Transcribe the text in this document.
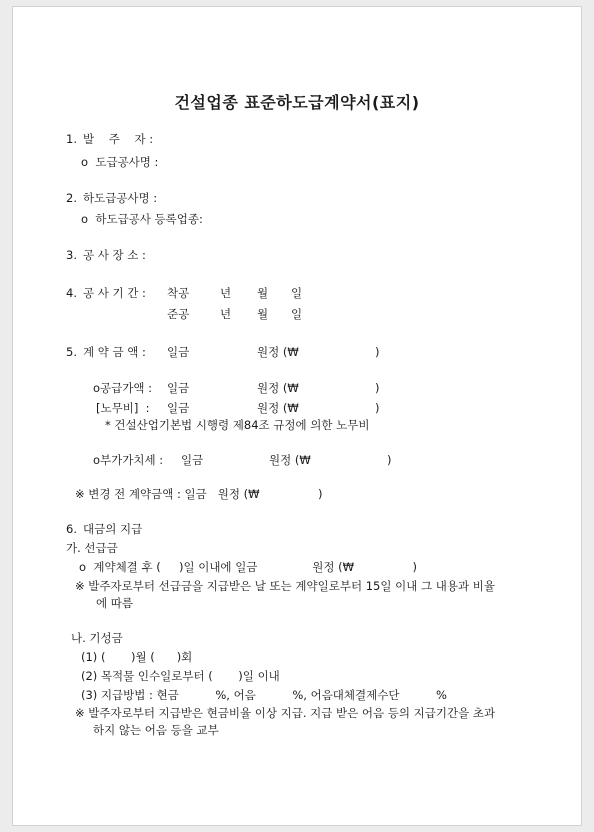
건설업종 표준하도급계약서(표지)
1. 발    주    자 :
o  도급공사명 :
2. 하도급공사명 :
o  하도급공사 등록업종:
3. 공 사 장 소 :
4. 공 사 기 간 : 착공	년 월 일
준공	년 월 일
5. 계 약 금 액 : 일금	원정 (₩	)
o공급가액 : 일금	원정 (₩	)
[노무비]  : 일금	원정 (₩	)
* 건설산업기본법 시행령 제84조 규정에 의한 노무비
o부가가치세 : 일금	원정 (₩	)
※ 변경 전 계약금액 : 일금   원정 (₩                )
6. 대금의 지급
가. 선급금
o  계약체결 후 (     )일 이내에 일금               원정 (₩                )
※ 발주자로부터 선급금을 지급받은 날 또는 계약일로부터 15일 이내 그 내용과 비율
에 따름
나. 기성금
(1) (       )월 (      )회
(2) 목적물 인수일로부터 (       )일 이내
(3) 지급방법 : 현금          %, 어음          %, 어음대체결제수단          %
※ 발주자로부터 지급받은 현금비율 이상 지급. 지급 받은 어음 등의 지급기간을 초과
하지 않는 어음 등을 교부
